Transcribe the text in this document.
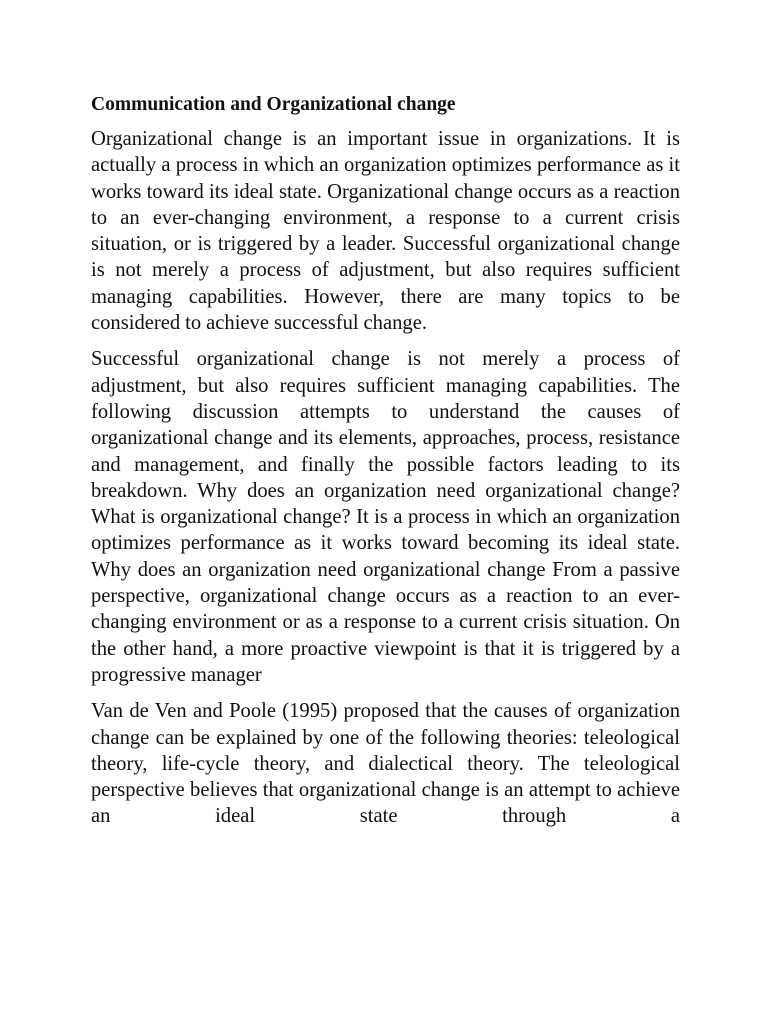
Communication and Organizational change

Organizational change is an important issue in organizations. It is actually a process in which an organization optimizes performance as it works toward its ideal state. Organizational change occurs as a reaction to an ever-changing environment, a response to a current crisis situation, or is triggered by a leader. Successful organizational change is not merely a process of adjustment, but also requires sufficient managing capabilities. However, there are many topics to be considered to achieve successful change.

Successful organizational change is not merely a process of adjustment, but also requires sufficient managing capabilities. The following discussion attempts to understand the causes of organizational change and its elements, approaches, process, resistance and management, and finally the possible factors leading to its breakdown. Why does an organization need organizational change? What is organizational change? It is a process in which an organization optimizes performance as it works toward becoming its ideal state. Why does an organization need organizational change From a passive perspective, organizational change occurs as a reaction to an ever-changing environment or as a response to a current crisis situation. On the other hand, a more proactive viewpoint is that it is triggered by a progressive manager

Van de Ven and Poole (1995) proposed that the causes of organization change can be explained by one of the following theories: teleological theory, life-cycle theory, and dialectical theory. The teleological perspective believes that organizational change is an attempt to achieve an ideal state through a
